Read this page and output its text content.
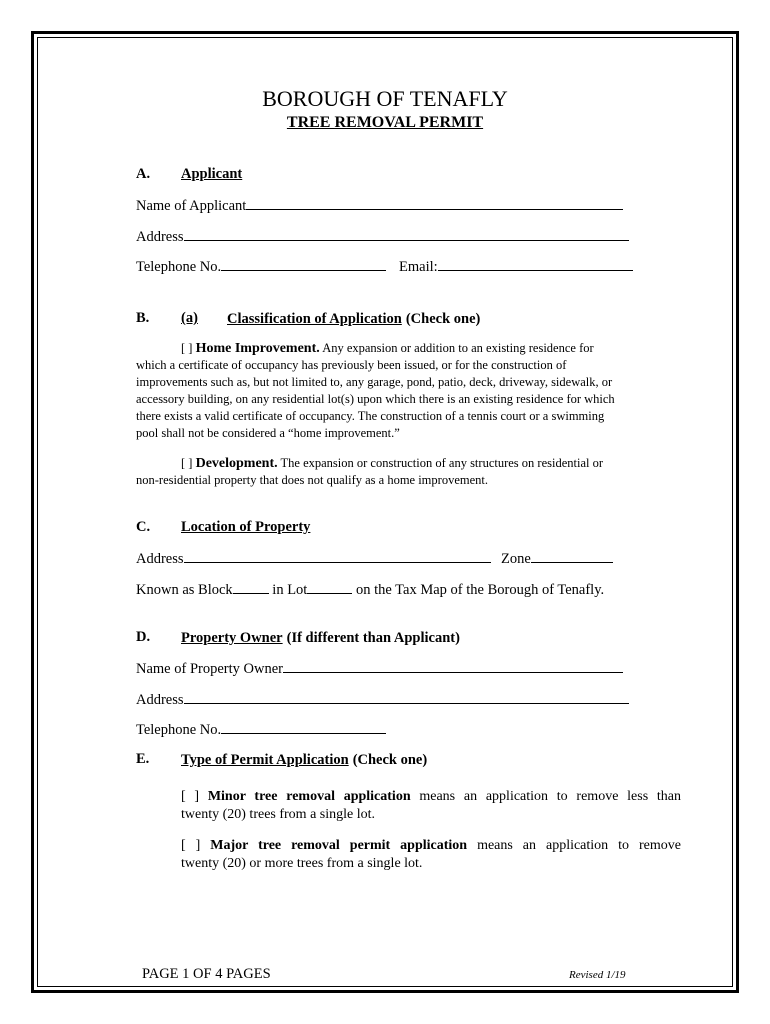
BOROUGH OF TENAFLY
TREE REMOVAL PERMIT
A. Applicant
Name of Applicant
Address
Telephone No.	Email:
B. (a) Classification of Application (Check one)
[ ] Home Improvement. Any expansion or addition to an existing residence for
which a certificate of occupancy has previously been issued, or for the construction of
improvements such as, but not limited to, any garage, pond, patio, deck, driveway, sidewalk, or
accessory building, on any residential lot(s) upon which there is an existing residence for which
there exists a valid certificate of occupancy. The construction of a tennis court or a swimming
pool shall not be considered a “home improvement.”
[ ] Development. The expansion or construction of any structures on residential or
non-residential property that does not qualify as a home improvement.
C. Location of Property
Address	Zone
Known as Block	in Lot	on the Tax Map of the Borough of Tenafly.
D. Property Owner (If different than Applicant)
Name of Property Owner
Address
Telephone No.
E. Type of Permit Application (Check one)
[ ] Minor tree removal application means an application to remove less than
twenty (20) trees from a single lot.
[ ] Major tree removal permit application means an application to remove
twenty (20) or more trees from a single lot.
PAGE 1 OF 4 PAGES	Revised 1/19
